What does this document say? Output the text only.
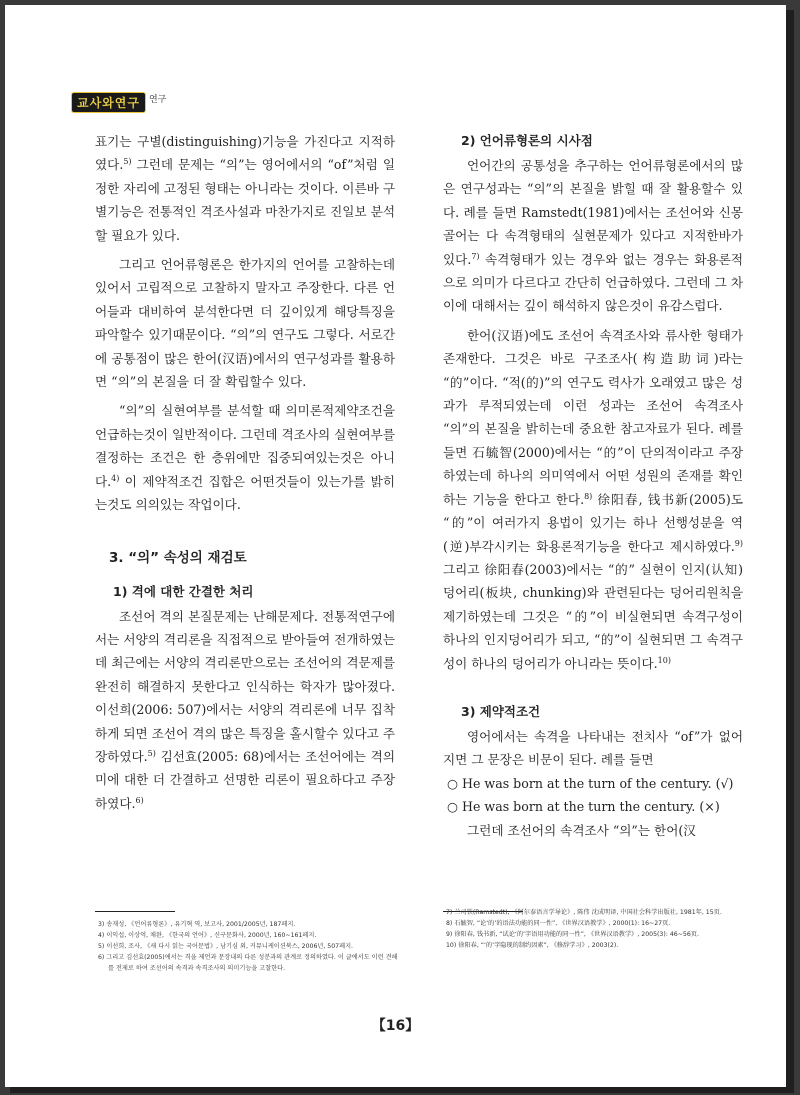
교사와연구	연구

표기는 구별(distinguishing)기능을 가진다고 지적하였다.$^{5)}$ 그런데 문제는 “의”는 영어에서의 “of”처럼 일정한 자리에 고정된 형태는 아니라는 것이다. 이른바 구별기능은 전통적인 격조사설과 마찬가지로 진일보 분석할 필요가 있다.

그리고 언어류형론은 한가지의 언어를 고찰하는데 있어서 고립적으로 고찰하지 말자고 주장한다. 다른 언어들과 대비하여 분석한다면 더 깊이있게 해당특징을 파악할수 있기때문이다. “의”의 연구도 그렇다. 서로간에 공통점이 많은 한어(汉语)에서의 연구성과를 활용하면 “의”의 본질을 더 잘 확립할수 있다.

“의”의 실현여부를 분석할 때 의미론적제약조건을 언급하는것이 일반적이다. 그런데 격조사의 실현여부를 결정하는 조건은 한 층위에만 집중되여있는것은 아니다.$^{4)}$ 이 제약적조건 집합은 어떤것들이 있는가를 밝히는것도 의의있는 작업이다.

3. “의” 속성의 재검토
1) 격에 대한 간결한 처리

조선어 격의 본질문제는 난해문제다. 전통적연구에서는 서양의 격리론을 직접적으로 받아들여 전개하였는데 최근에는 서양의 격리론만으로는 조선어의 격문제를 완전히 해결하지 못한다고 인식하는 학자가 많아졌다. 이선희(2006: 507)에서는 서양의 격리론에 너무 집착하게 되면 조선어 격의 많은 특징을 홀시할수 있다고 주장하였다.$^{5)}$ 김선효(2005: 68)에서는 조선어에는 격의미에 대한 더 간결하고 선명한 리론이 필요하다고 주장하였다.$^{6)}$

2) 언어류형론의 시사점

언어간의 공통성을 추구하는 언어류형론에서의 많은 연구성과는 “의”의 본질을 밝힐 때 잘 활용할수 있다. 례를 들면 Ramstedt(1981)에서는 조선어와 신몽골어는 다 속격형태의 실현문제가 있다고 지적한바가 있다.$^{7)}$ 속격형태가 있는 경우와 없는 경우는 화용론적으로 의미가 다르다고 간단히 언급하였다. 그런데 그 차이에 대해서는 깊이 해석하지 않은것이 유감스럽다.

한어(汉语)에도 조선어 속격조사와 류사한 형태가 존재한다. 그것은 바로 구조조사(构造助词)라는 “的”이다. “적(的)”의 연구도 력사가 오래였고 많은 성과가 루적되였는데 이런 성과는 조선어 속격조사 “의”의 본질을 밝히는데 중요한 참고자료가 된다. 례를 들면 石毓智(2000)에서는 “的”이 단의적이라고 주장하였는데 하나의 의미역에서 어떤 성원의 존재를 확인하는 기능을 한다고 한다.$^{8)}$ 徐阳春, 钱书新(2005)도 “的”이 여러가지 용법이 있기는 하나 선행성분을 역(逆)부각시키는 화용론적기능을 한다고 제시하였다.$^{9)}$ 그리고 徐阳春(2003)에서는 “的” 실현이 인지(认知)덩어리(板块, chunking)와 관련된다는 덩어리원칙을 제기하였는데 그것은 “的”이 비실현되면 속격구성이 하나의 인지덩어리가 되고, “的”이 실현되면 그 속격구성이 하나의 덩어리가 아니라는 뜻이다.$^{10)}$

3) 제약적조건

영어에서는 속격을 나타내는 전치사 “of”가 없어지면 그 문장은 비문이 된다. 례를 들면

○ He was born at the turn of the century. (√)

○ He was born at the turn the century. (×)

그런데 조선어의 속격조사 “의”는 한어(汉

3) 송재성, 《언어류형론》, 유기혁 역, 보고사, 2001/2005년, 187페지.
4) 이익섭, 이상억, 채완, 《한국의 언어》, 신구문화사, 2000년, 160~161페지.
5) 이선희, 조사, 《새 다시 읽는 국어문법》, 남기심 외, 커뮤니케이션북스, 2006년, 507페지.
6) 그리고 김선효(2005)에서는 격을 제언과 문장내의 다른 성분과의 관계로 정의하였다. 이 글에서도 이런 견해를 전제로 하여 조선어의 속격과 속격조사의 의미기능을 고찰한다.
7) 兰司铁(Ramstedt), 《阿尔泰语言学导论》, 陈伟 沈成明译, 中国社会科学出版社, 1981年, 15页.
8) 石毓智, “论‘的’的语法功能的同一性”, 《世界汉语教学》, 2000(1): 16~27页.
9) 徐阳春, 钱书新, “试论‘的’字语用功能的同一性”, 《世界汉语教学》, 2005(3): 46~56页.
10) 徐阳春, “‘的’字隐现的制约因素”, 《修辞学习》, 2003(2).
【16】
